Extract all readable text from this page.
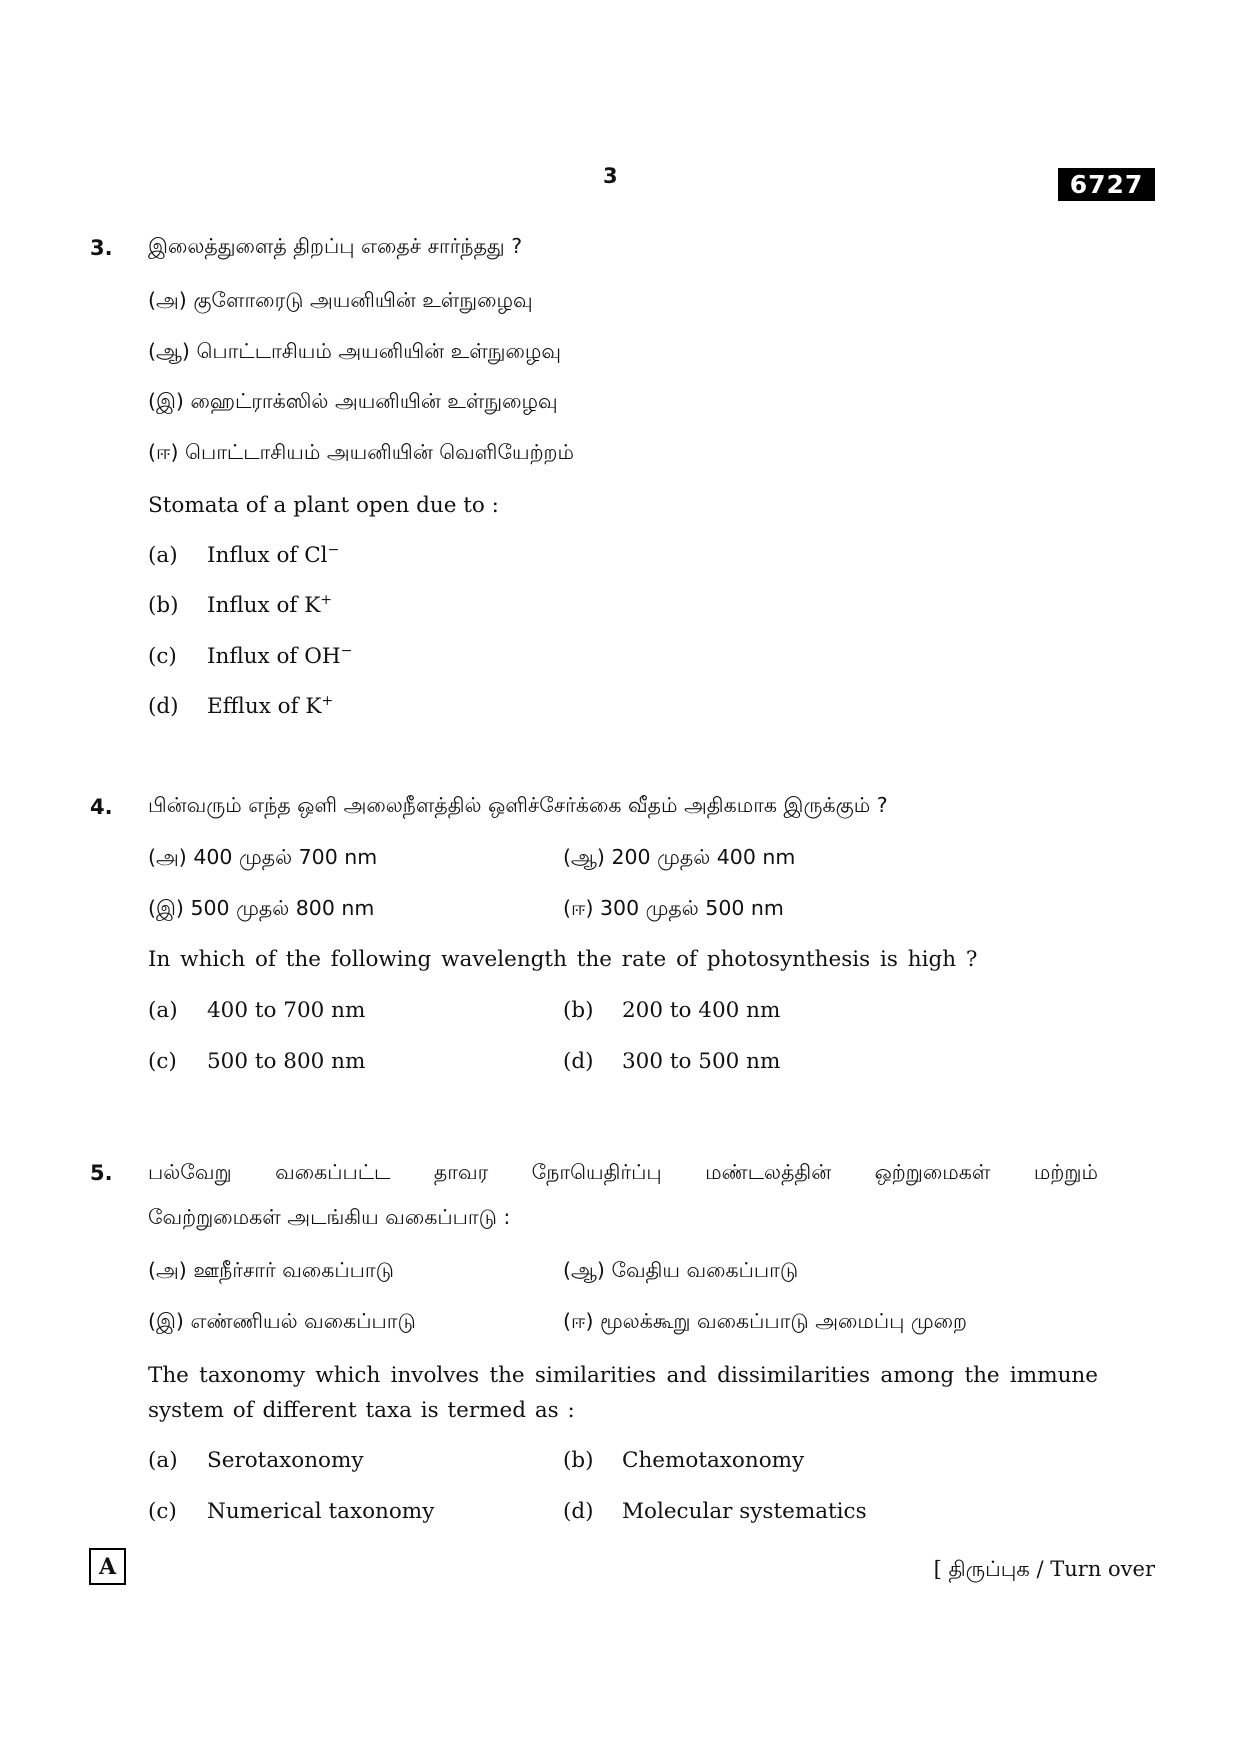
3	6727
3. இலைத்துளைத் திறப்பு எதைச் சார்ந்தது ?
(அ) குளோரைடு அயனியின் உள்நுழைவு
(ஆ) பொட்டாசியம் அயனியின் உள்நுழைவு
(இ) ஹைட்ராக்ஸில் அயனியின் உள்நுழைவு
(ஈ) பொட்டாசியம் அயனியின் வெளியேற்றம்
Stomata of a plant open due to :
(a) Influx of Cl−
(b) Influx of K+
(c) Influx of OH−
(d) Efflux of K+
4. பின்வரும் எந்த ஒளி அலைநீளத்தில் ஒளிச்சேர்க்கை வீதம் அதிகமாக இருக்கும் ?
(அ) 400 முதல் 700 nm	(ஆ) 200 முதல் 400 nm
(இ) 500 முதல் 800 nm	(ஈ) 300 முதல் 500 nm
In which of the following wavelength the rate of photosynthesis is high ?
(a) 400 to 700 nm	(b) 200 to 400 nm
(c) 500 to 800 nm	(d) 300 to 500 nm
5. பல்வேறு வகைப்பட்ட தாவர நோயெதிர்ப்பு மண்டலத்தின் ஒற்றுமைகள் மற்றும்
வேற்றுமைகள் அடங்கிய வகைப்பாடு :
(அ) ஊநீர்சார் வகைப்பாடு	(ஆ) வேதிய வகைப்பாடு
(இ) எண்ணியல் வகைப்பாடு	(ஈ) மூலக்கூறு வகைப்பாடு அமைப்பு முறை
The taxonomy which involves the similarities and dissimilarities among the immune
system of different taxa is termed as :
(a) Serotaxonomy	(b) Chemotaxonomy
(c) Numerical taxonomy	(d) Molecular systematics
A	[ திருப்புக / Turn over
